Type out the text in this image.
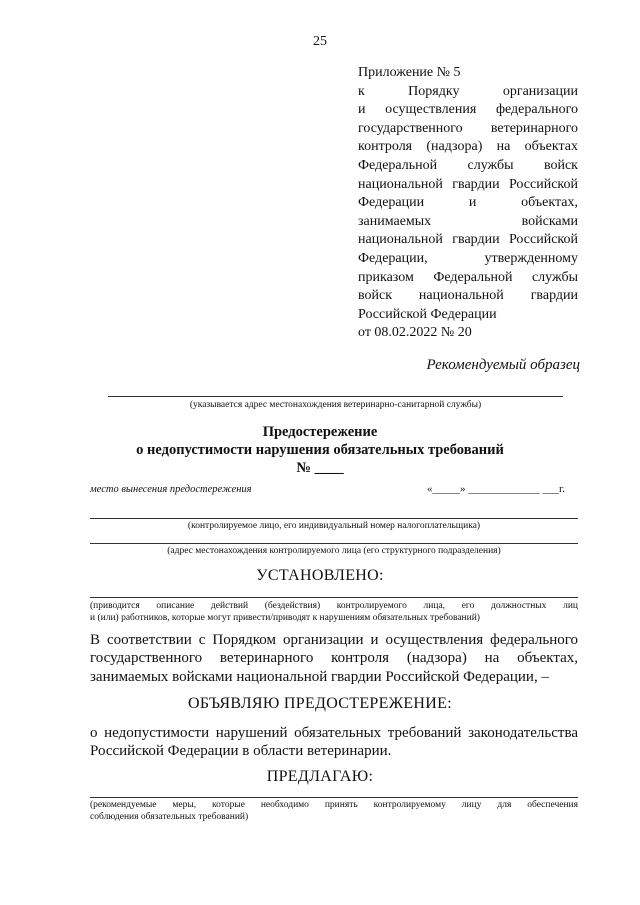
25
Приложение № 5
к Порядку организации
и осуществления федерального
государственного ветеринарного
контроля (надзора) на объектах
Федеральной службы войск
национальной гвардии Российской
Федерации и объектах,
занимаемых войсками
национальной гвардии Российской
Федерации, утвержденному
приказом Федеральной службы
войск национальной гвардии
Российской Федерации
от 08.02.2022 № 20
Рекомендуемый образец
(указывается адрес местонахождения ветеринарно-санитарной службы)
Предостережение
о недопустимости нарушения обязательных требований
№ ____
место вынесения предостережения	«_____» _____________ ___г.
(контролируемое лицо, его индивидуальный номер налогоплательщика)
(адрес местонахождения контролируемого лица (его структурного подразделения)
УСТАНОВЛЕНО:
(приводится описание действий (бездействия) контролируемого лица, его должностных лиц
и (или) работников, которые могут привести/приводят к нарушениям обязательных требований)
В соответствии с Порядком организации и осуществления федерального
государственного ветеринарного контроля (надзора) на объектах,
занимаемых войсками национальной гвардии Российской Федерации, –
ОБЪЯВЛЯЮ ПРЕДОСТЕРЕЖЕНИЕ:
о недопустимости нарушений обязательных требований законодательства
Российской Федерации в области ветеринарии.
ПРЕДЛАГАЮ:
(рекомендуемые меры, которые необходимо принять контролируемому лицу для обеспечения
соблюдения обязательных требований)
